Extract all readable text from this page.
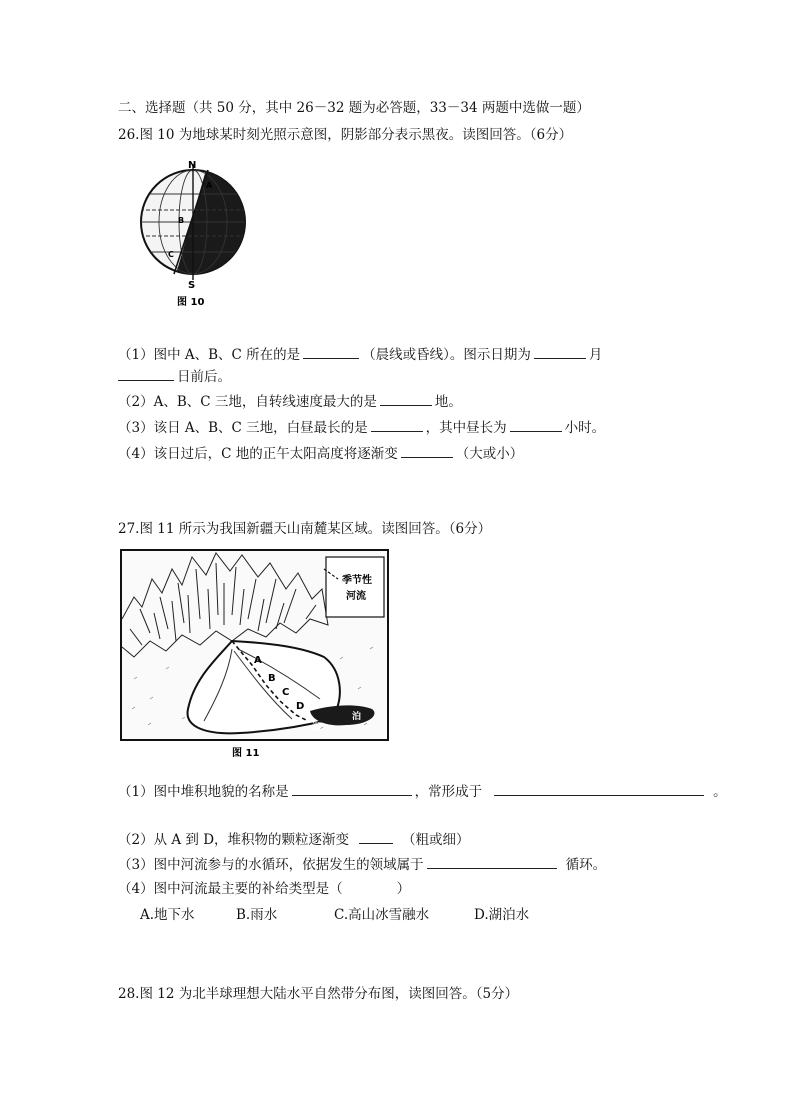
二、选择题（共 50 分，其中 26－32 题为必答题，33－34 两题中选做一题）
26.图 10 为地球某时刻光照示意图，阴影部分表示黑夜。读图回答。（6分）
N
S
A
B
C
图 10
（1）图中 A、B、C 所在的是	（晨线或昏线）。图示日期为	月
日前后。
（2）A、B、C 三地，自转线速度最大的是	地。
（3）该日 A、B、C 三地，白昼最长的是	，其中昼长为	小时。
（4）该日过后，C 地的正午太阳高度将逐渐变	（大或小）
27.图 11 所示为我国新疆天山南麓某区域。读图回答。（6分）
季节性
河流
A
B
C
D
湖
泊
图 11
（1）图中堆积地貌的名称是	，常形成于	。
（2）从 A 到 D，堆积物的颗粒逐渐变	（粗或细）
（3）图中河流参与的水循环，依据发生的领域属于	循环。
（4）图中河流最主要的补给类型是（　　　　）
A.地下水	B.雨水	C.高山冰雪融水	D.湖泊水
28.图 12 为北半球理想大陆水平自然带分布图，读图回答。（5分）
